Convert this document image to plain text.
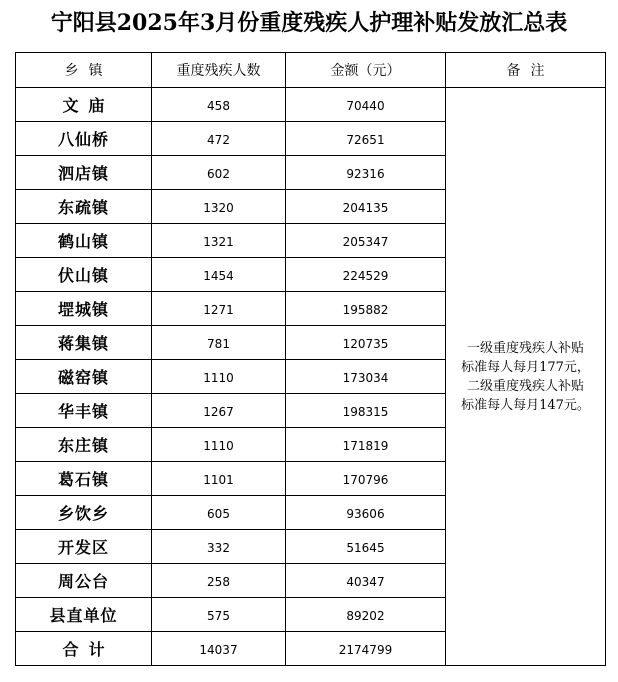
宁阳县2025年3月份重度残疾人护理补贴发放汇总表
乡镇	重度残疾人数	金额（元）	备注
文庙	458	70440	一级重度残疾人补贴
标准每人每月177元，
二级重度残疾人补贴
标准每人每月147元。

八仙桥	472	72651	
泗店镇	602	92316	
东疏镇	1320	204135	
鹤山镇	1321	205347	
伏山镇	1454	224529	
堽城镇	1271	195882	
蒋集镇	781	120735	
磁窑镇	1110	173034	
华丰镇	1267	198315	
东庄镇	1110	171819	
葛石镇	1101	170796	
乡饮乡	605	93606	
开发区	332	51645	
周公台	258	40347	
县直单位	575	89202	
合计	14037	2174799	
